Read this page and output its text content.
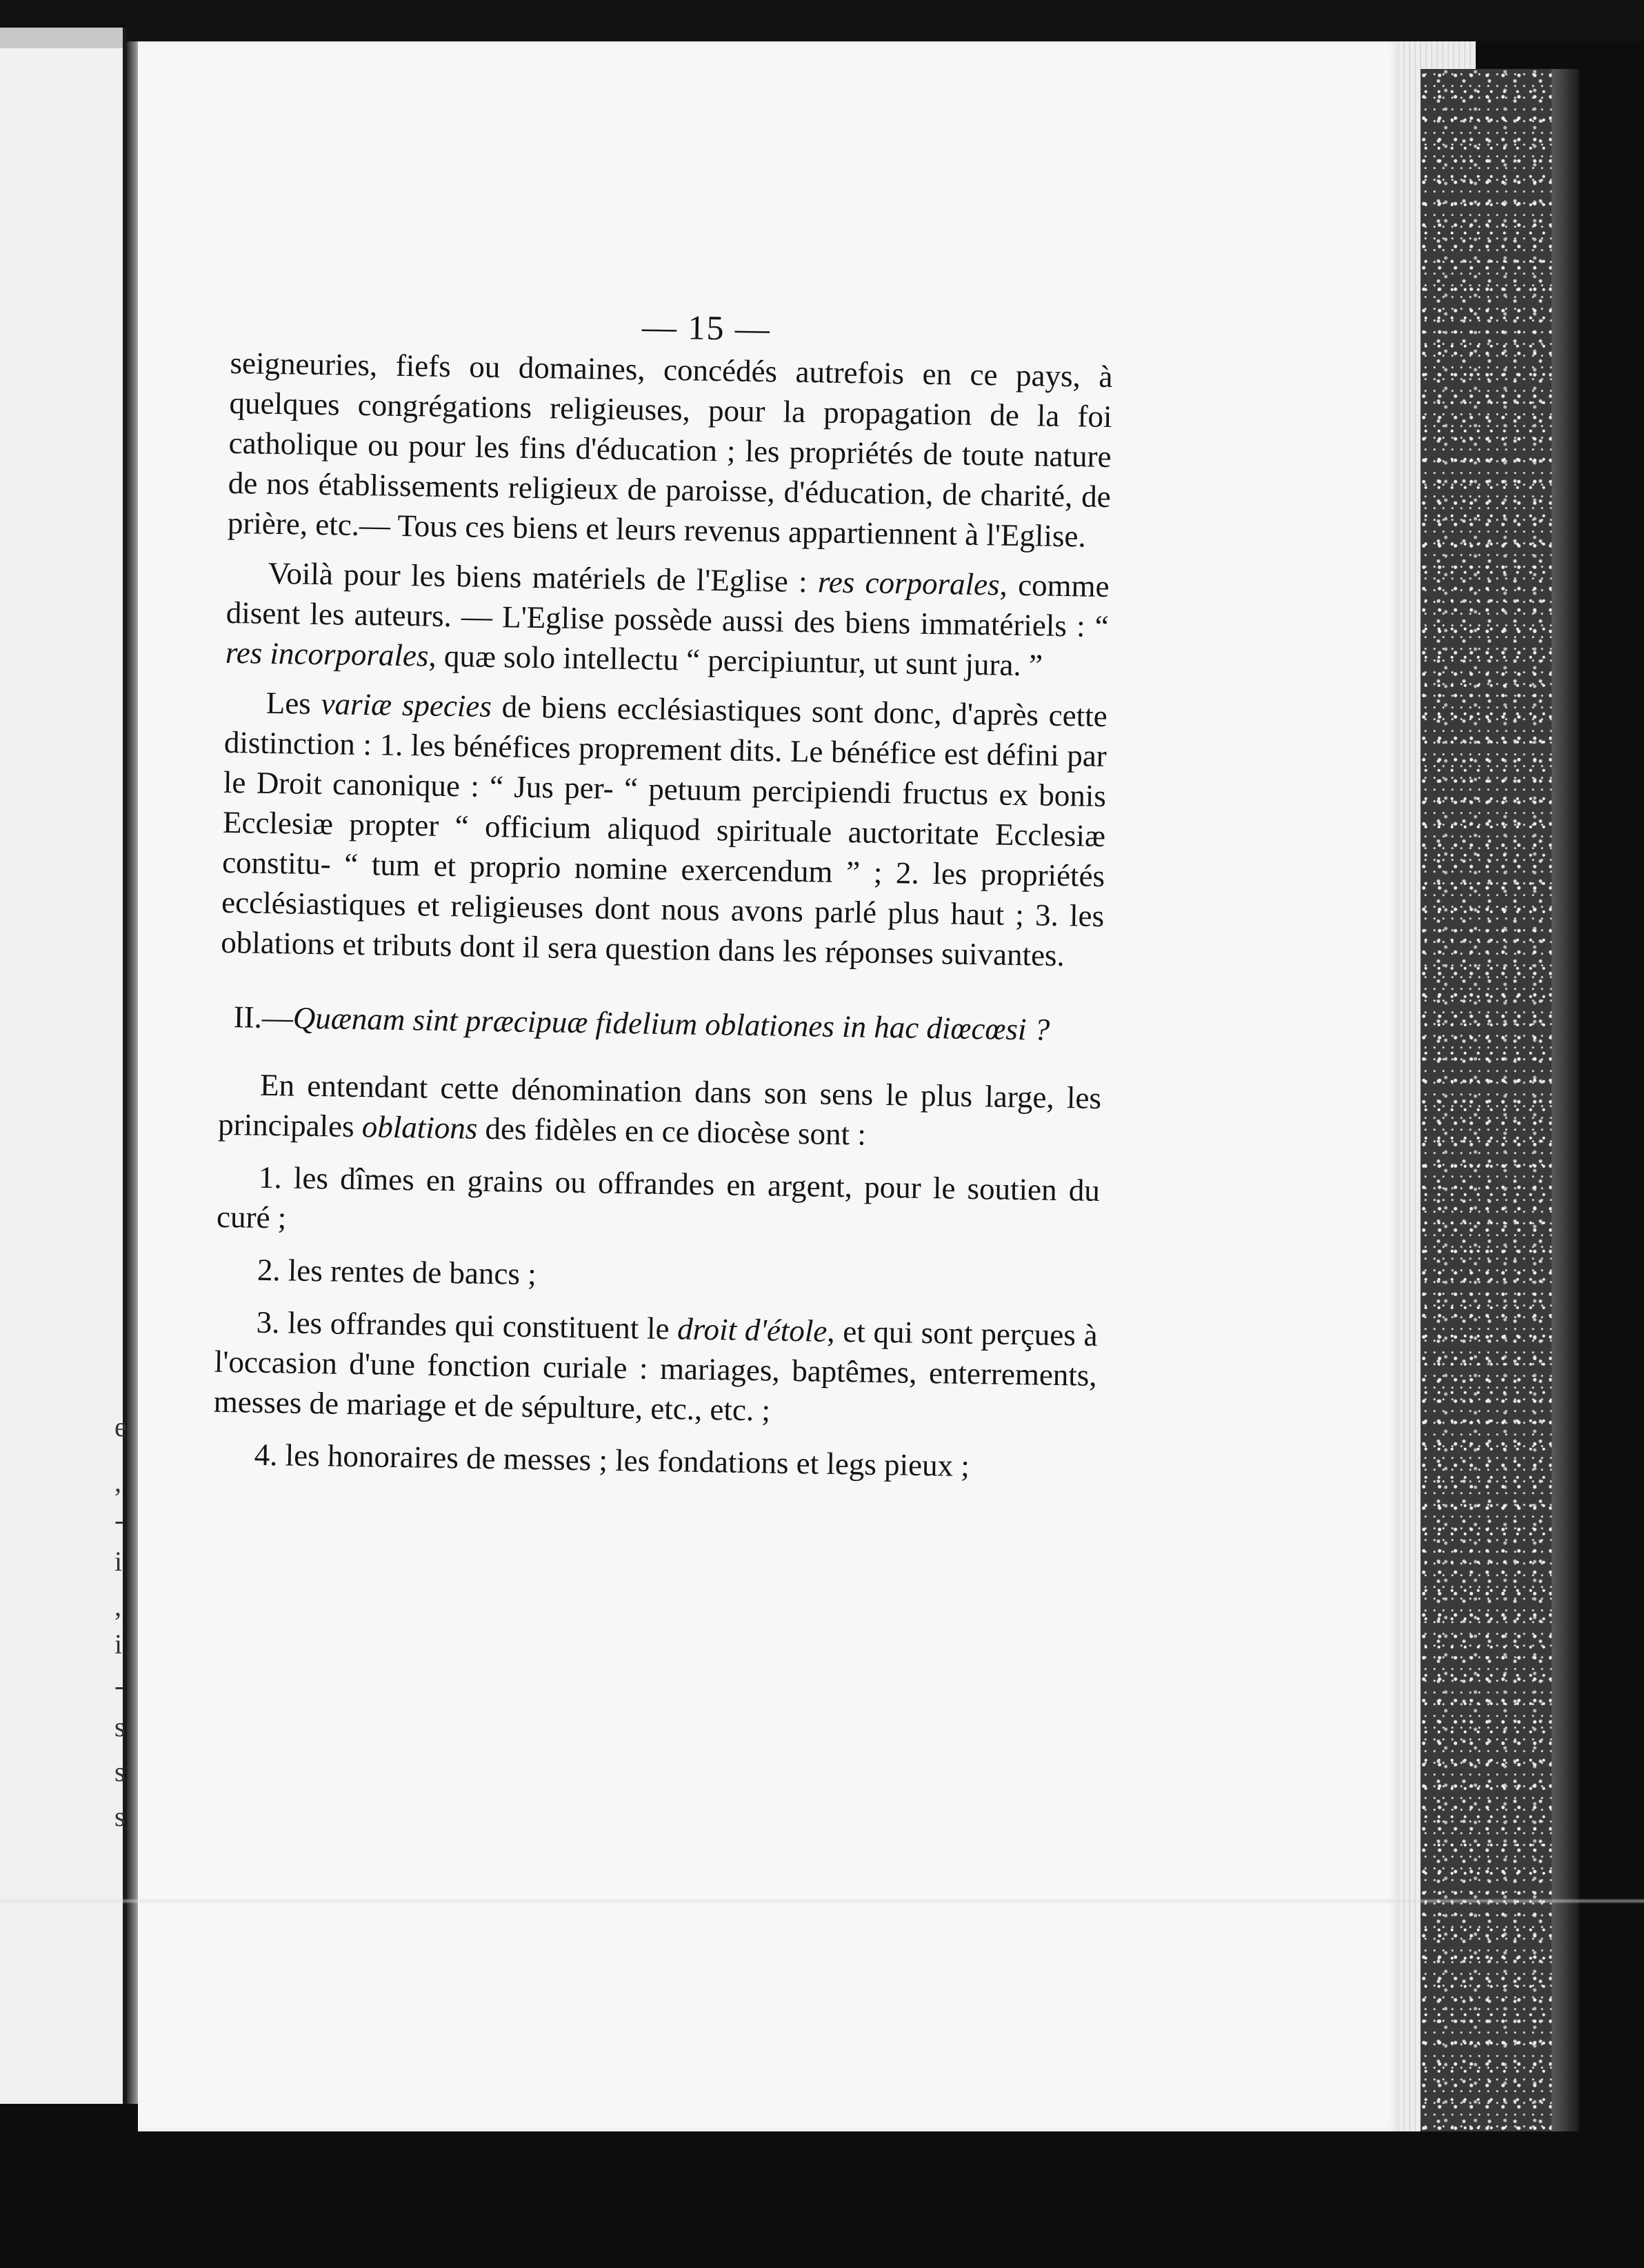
e
,
-
i
,
i
-
s
s
s
— 15 —

seigneuries, fiefs ou domaines, concédés autrefois en ce pays, à quelques congrégations religieuses, pour la propagation de la foi catholique ou pour les fins d'éducation ; les propriétés de toute nature de nos établissements religieux de paroisse, d'éducation, de charité, de prière, etc.— Tous ces biens et leurs revenus appartiennent à l'Eglise.

Voilà pour les biens matériels de l'Eglise : res corporales, comme disent les auteurs. — L'Eglise possède aussi des biens immatériels : “ res incorporales, quæ solo intellectu “ percipiuntur, ut sunt jura. ”

Les variæ species de biens ecclésiastiques sont donc, d'après cette distinction : 1. les bénéfices proprement dits. Le bénéfice est défini par le Droit canonique : “ Jus per- “ petuum percipiendi fructus ex bonis Ecclesiæ propter “ officium aliquod spirituale auctoritate Ecclesiæ constitu- “ tum et proprio nomine exercendum ” ; 2. les propriétés ecclésiastiques et religieuses dont nous avons parlé plus haut ; 3. les oblations et tributs dont il sera question dans les réponses suivantes.

II.—Quænam sint præcipuæ fidelium oblationes in hac diœcœsi ?

En entendant cette dénomination dans son sens le plus large, les principales oblations des fidèles en ce diocèse sont :

1. les dîmes en grains ou offrandes en argent, pour le soutien du curé ;

2. les rentes de bancs ;

3. les offrandes qui constituent le droit d'étole, et qui sont perçues à l'occasion d'une fonction curiale : mariages, baptêmes, enterrements, messes de mariage et de sépulture, etc., etc. ;

4. les honoraires de messes ; les fondations et legs pieux ;
